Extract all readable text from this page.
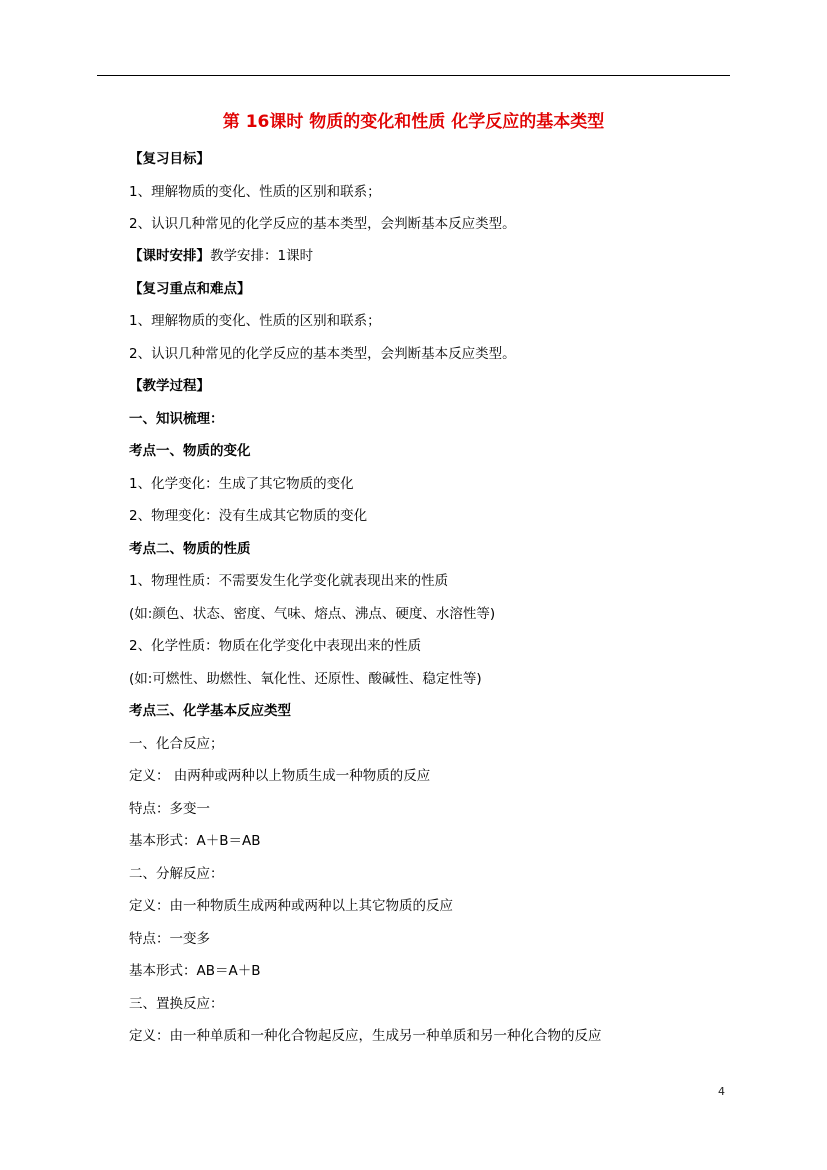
第 16课时 物质的变化和性质 化学反应的基本类型
【复习目标】
1、理解物质的变化、性质的区别和联系；
2、认识几种常见的化学反应的基本类型，会判断基本反应类型。
【课时安排】教学安排：1课时
【复习重点和难点】
1、理解物质的变化、性质的区别和联系；
2、认识几种常见的化学反应的基本类型，会判断基本反应类型。
【教学过程】
一、知识梳理：
考点一、物质的变化
1、化学变化：生成了其它物质的变化
2、物理变化：没有生成其它物质的变化
考点二、物质的性质
1、物理性质：不需要发生化学变化就表现出来的性质
(如:颜色、状态、密度、气味、熔点、沸点、硬度、水溶性等)
2、化学性质：物质在化学变化中表现出来的性质
(如:可燃性、助燃性、氧化性、还原性、酸碱性、稳定性等)
考点三、化学基本反应类型
一、化合反应；
定义： 由两种或两种以上物质生成一种物质的反应
特点：多变一
基本形式：A＋B＝AB
二、分解反应：
定义：由一种物质生成两种或两种以上其它物质的反应
特点：一变多
基本形式：AB＝A＋B
三、置换反应：
定义：由一种单质和一种化合物起反应，生成另一种单质和另一种化合物的反应
4
